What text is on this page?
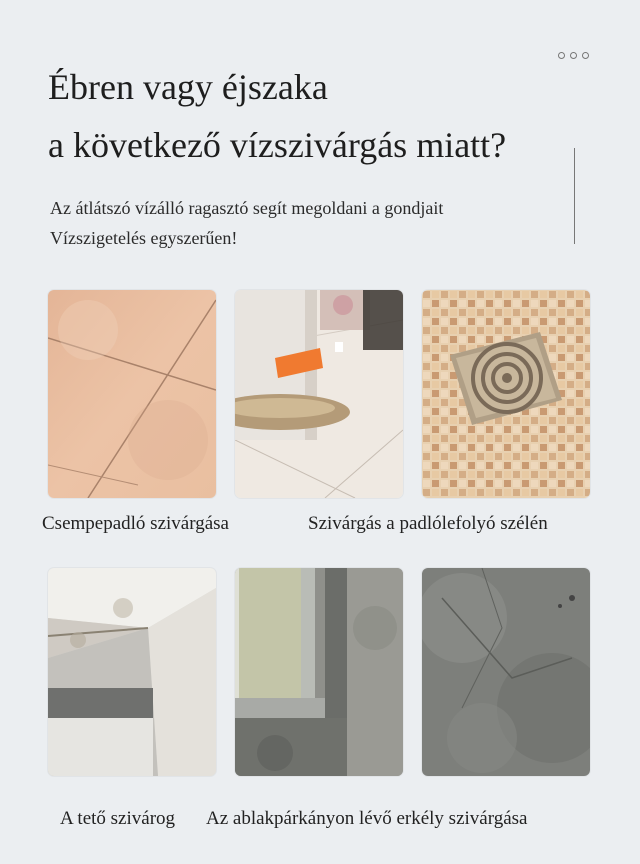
Ébren vagy éjszaka
a következő vízszivárgás miatt?

Az átlátszó vízálló ragasztó segít megoldani a gondjait
Vízszigetelés egyszerűen!

Csempepadló szivárgása	Szivárgás a padlólefolyó szélén
A tető szivárog Az ablakpárkányon lévő erkély szivárgása
